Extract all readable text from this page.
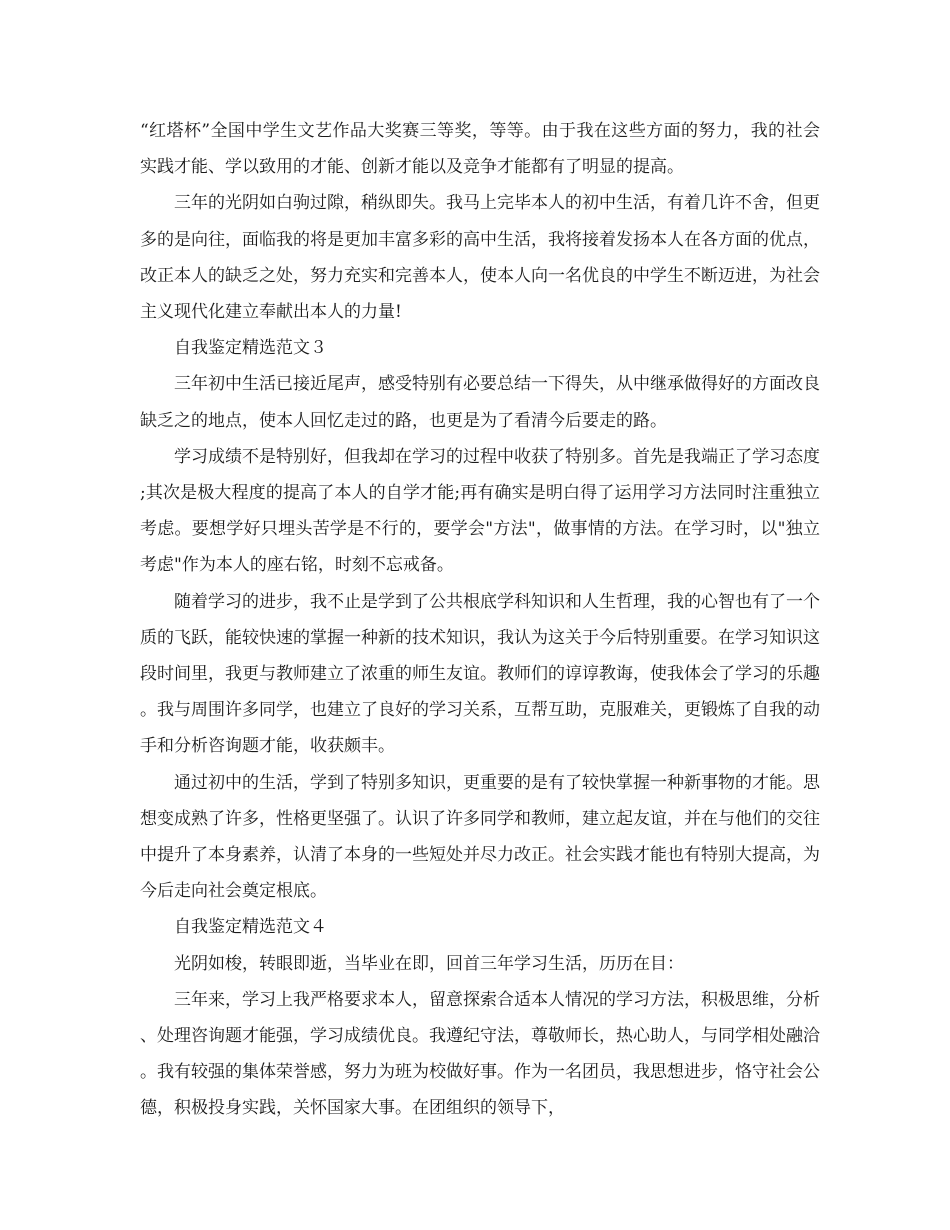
“红塔杯”全国中学生文艺作品大奖赛三等奖，等等。由于我在这些方面的努力，我的社会实践才能、学以致用的才能、创新才能以及竞争才能都有了明显的提高。

三年的光阴如白驹过隙，稍纵即失。我马上完毕本人的初中生活，有着几许不舍，但更多的是向往，面临我的将是更加丰富多彩的高中生活，我将接着发扬本人在各方面的优点，改正本人的缺乏之处，努力充实和完善本人，使本人向一名优良的中学生不断迈进，为社会主义现代化建立奉献出本人的力量!

自我鉴定精选范文３

三年初中生活已接近尾声，感受特别有必要总结一下得失，从中继承做得好的方面改良缺乏之的地点，使本人回忆走过的路，也更是为了看清今后要走的路。

学习成绩不是特别好，但我却在学习的过程中收获了特别多。首先是我端正了学习态度;其次是极大程度的提高了本人的自学才能;再有确实是明白得了运用学习方法同时注重独立考虑。要想学好只埋头苦学是不行的，要学会"方法"，做事情的方法。在学习时，以"独立考虑"作为本人的座右铭，时刻不忘戒备。

随着学习的进步，我不止是学到了公共根底学科知识和人生哲理，我的心智也有了一个质的飞跃，能较快速的掌握一种新的技术知识，我认为这关于今后特别重要。在学习知识这段时间里，我更与教师建立了浓重的师生友谊。教师们的谆谆教诲，使我体会了学习的乐趣。我与周围许多同学，也建立了良好的学习关系，互帮互助，克服难关，更锻炼了自我的动手和分析咨询题才能，收获颇丰。

通过初中的生活，学到了特别多知识，更重要的是有了较快掌握一种新事物的才能。思想变成熟了许多，性格更坚强了。认识了许多同学和教师，建立起友谊，并在与他们的交往中提升了本身素养，认清了本身的一些短处并尽力改正。社会实践才能也有特别大提高，为今后走向社会奠定根底。

自我鉴定精选范文４

光阴如梭，转眼即逝，当毕业在即，回首三年学习生活，历历在目：

三年来，学习上我严格要求本人，留意探索合适本人情况的学习方法，积极思维，分析、处理咨询题才能强，学习成绩优良。我遵纪守法，尊敬师长，热心助人，与同学相处融洽。我有较强的集体荣誉感，努力为班为校做好事。作为一名团员，我思想进步，恪守社会公德，积极投身实践，关怀国家大事。在团组织的领导下，
